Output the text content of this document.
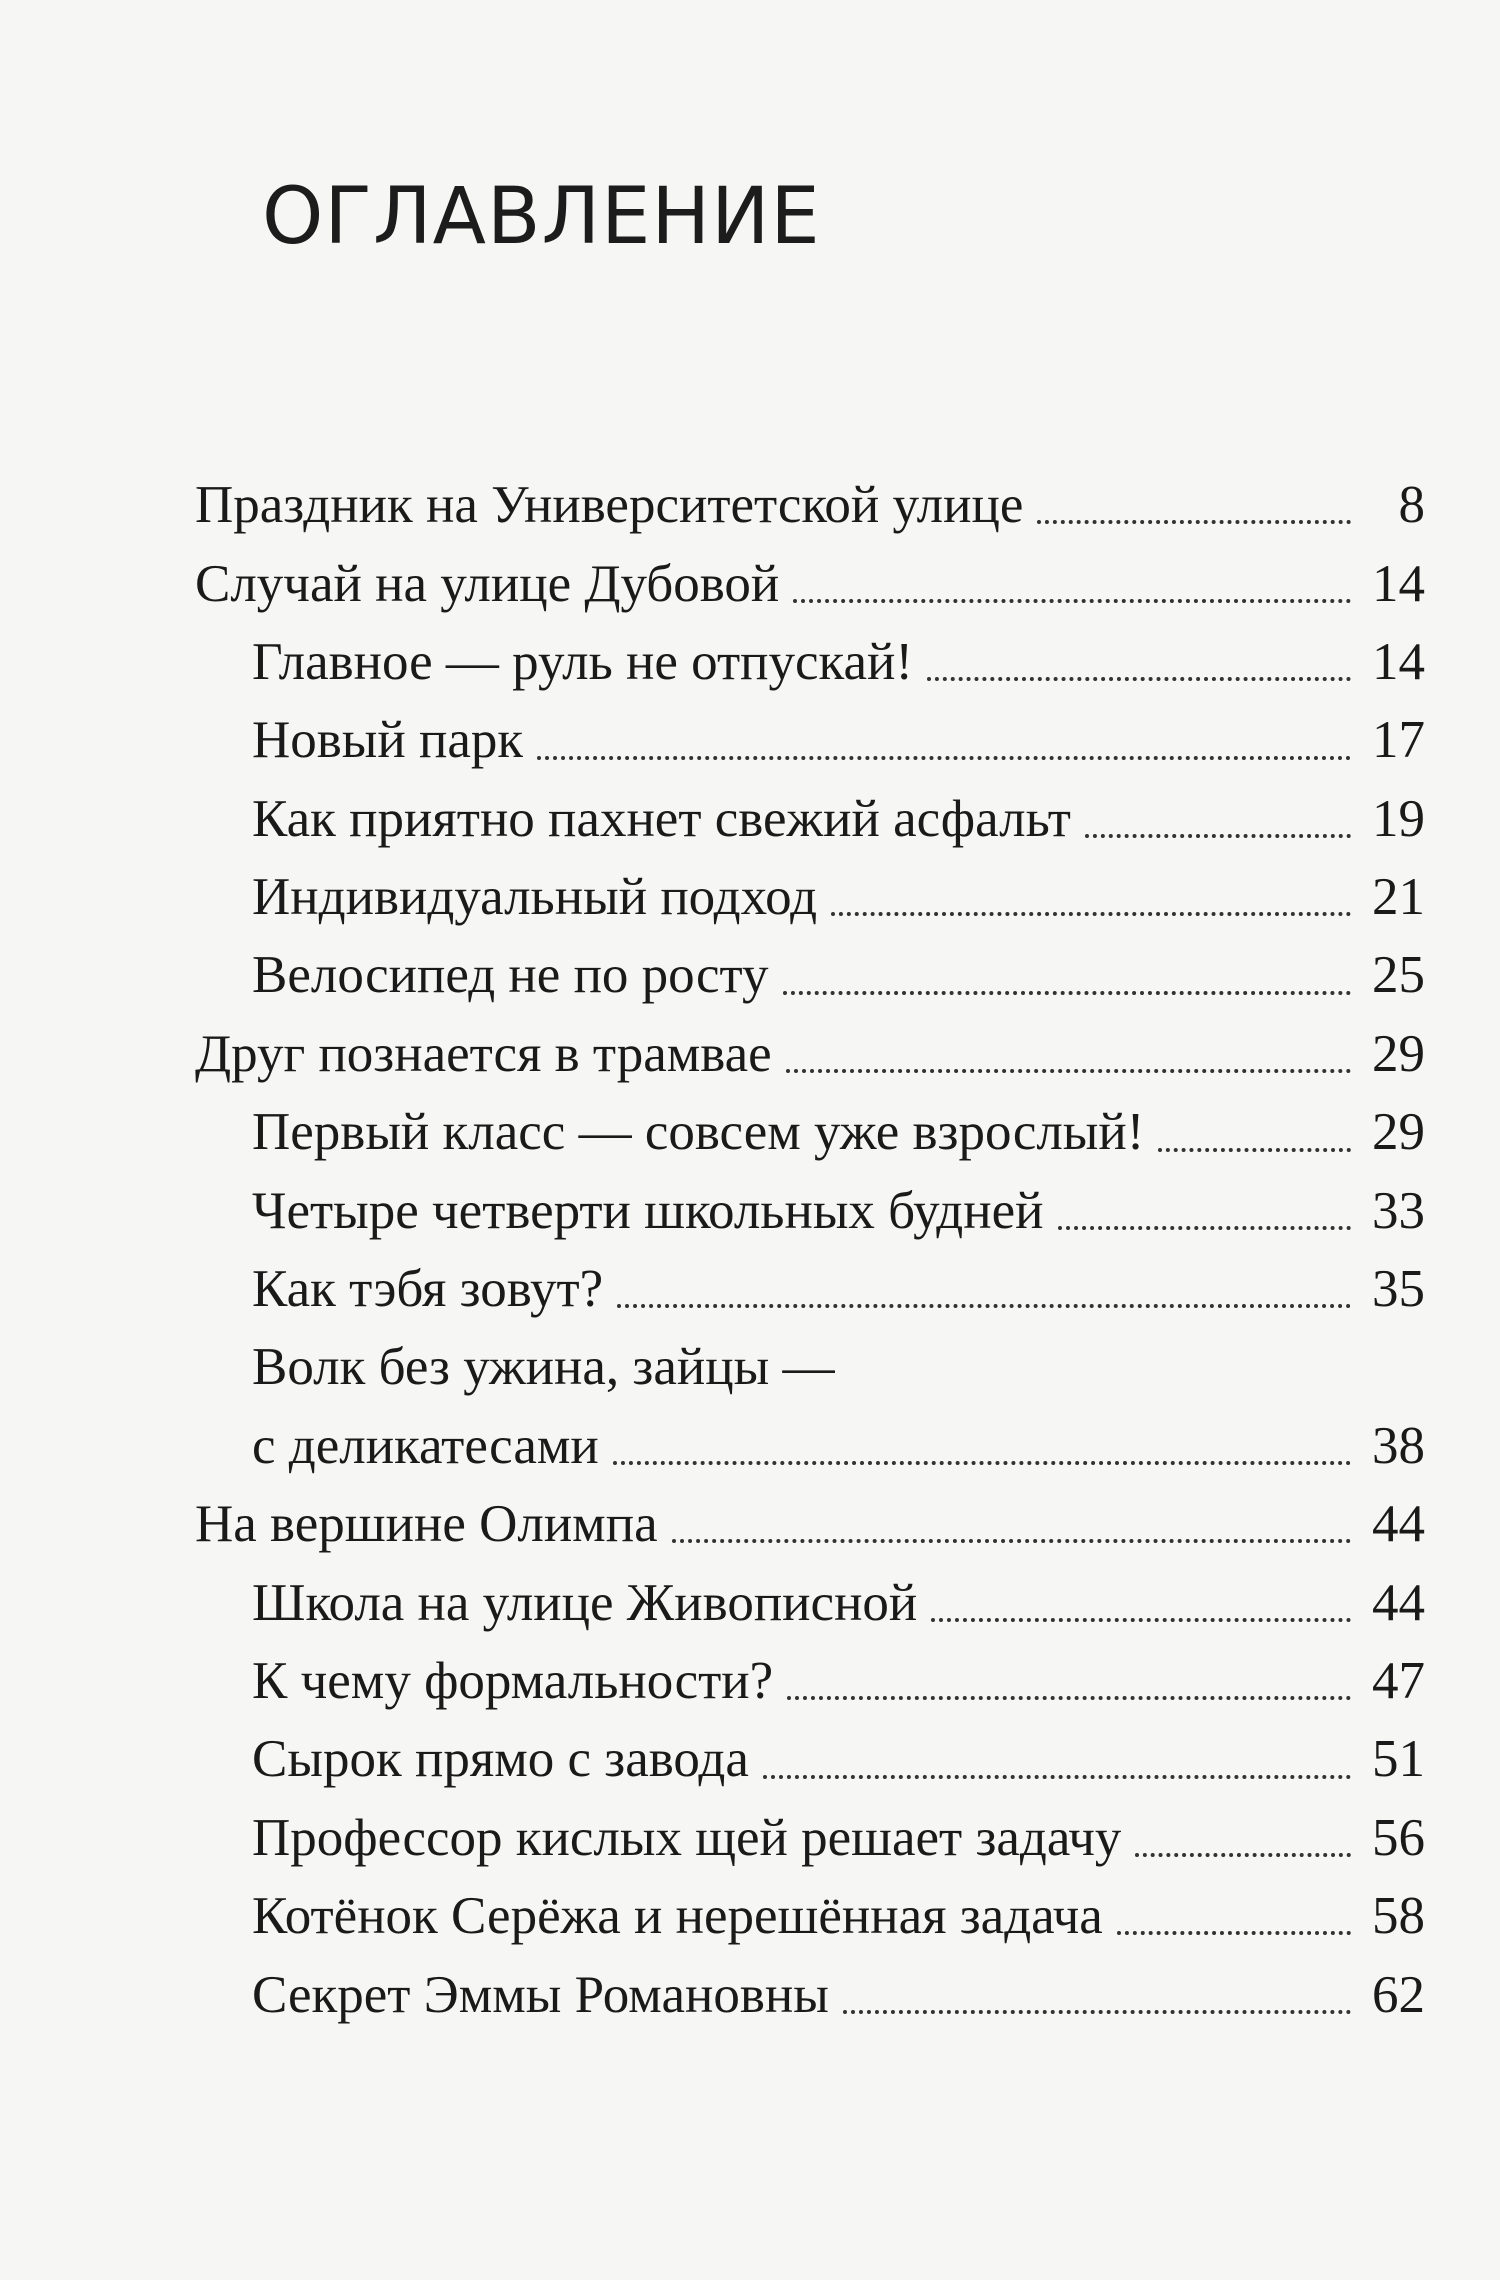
ОГЛАВЛЕНИЕ
Праздник на Университетской улице	8
Случай на улице Дубовой	14
Главное — руль не отпускай!	14
Новый парк	17
Как приятно пахнет свежий асфальт	19
Индивидуальный подход	21
Велосипед не по росту	25
Друг познается в трамвае	29
Первый класс — совсем уже взрослый!	29
Четыре четверти школьных будней	33
Как тэбя зовут?	35
Волк без ужина, зайцы —
с деликатесами	38
На вершине Олимпа	44
Школа на улице Живописной	44
К чему формальности?	47
Сырок прямо с завода	51
Профессор кислых щей решает задачу	56
Котёнок Серёжа и нерешённая задача	58
Секрет Эммы Романовны	62
